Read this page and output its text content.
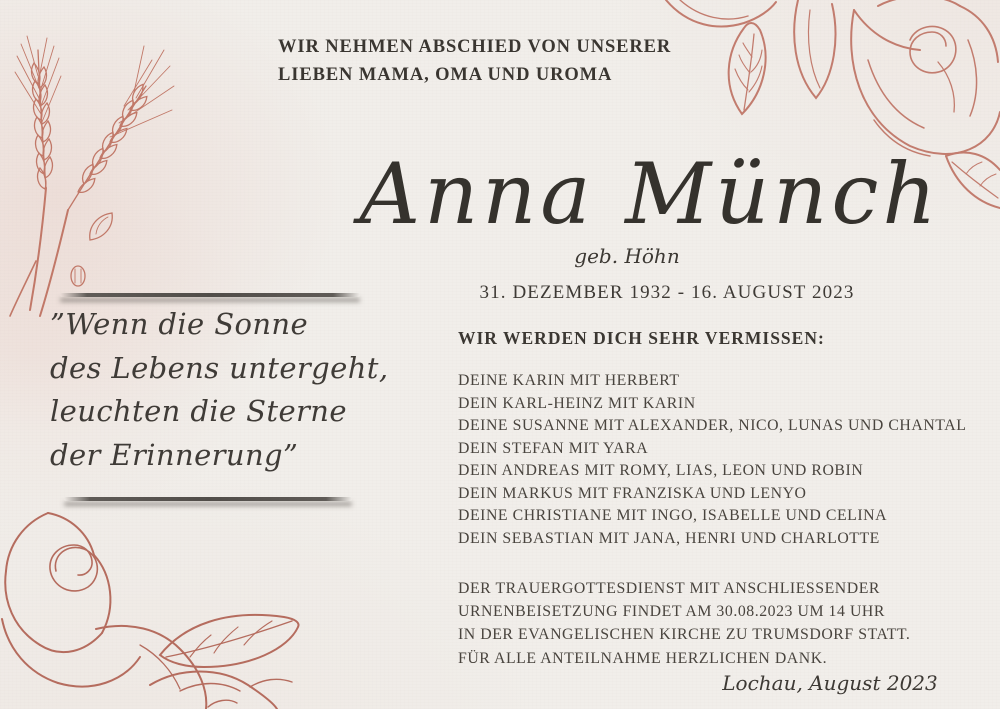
WIR NEHMEN ABSCHIED VON UNSERER
LIEBEN MAMA, OMA UND UROMA
Anna Münch
geb. Höhn
31. DEZEMBER 1932 - 16. AUGUST 2023
”Wenn die Sonne
des Lebens untergeht,
leuchten die Sterne
der Erinnerung”
WIR WERDEN DICH SEHR VERMISSEN:
DEINE KARIN MIT HERBERT
DEIN KARL-HEINZ MIT KARIN
DEINE SUSANNE MIT ALEXANDER, NICO, LUNAS UND CHANTAL
DEIN STEFAN MIT YARA
DEIN ANDREAS MIT ROMY, LIAS, LEON UND ROBIN
DEIN MARKUS MIT FRANZISKA UND LENYO
DEINE CHRISTIANE MIT INGO, ISABELLE UND CELINA
DEIN SEBASTIAN MIT JANA, HENRI UND CHARLOTTE
DER TRAUERGOTTESDIENST MIT ANSCHLIESSENDER
URNENBEISETZUNG FINDET AM 30.08.2023 UM 14 UHR
IN DER EVANGELISCHEN KIRCHE ZU TRUMSDORF STATT.
FÜR ALLE ANTEILNAHME HERZLICHEN DANK.
Lochau, August 2023
